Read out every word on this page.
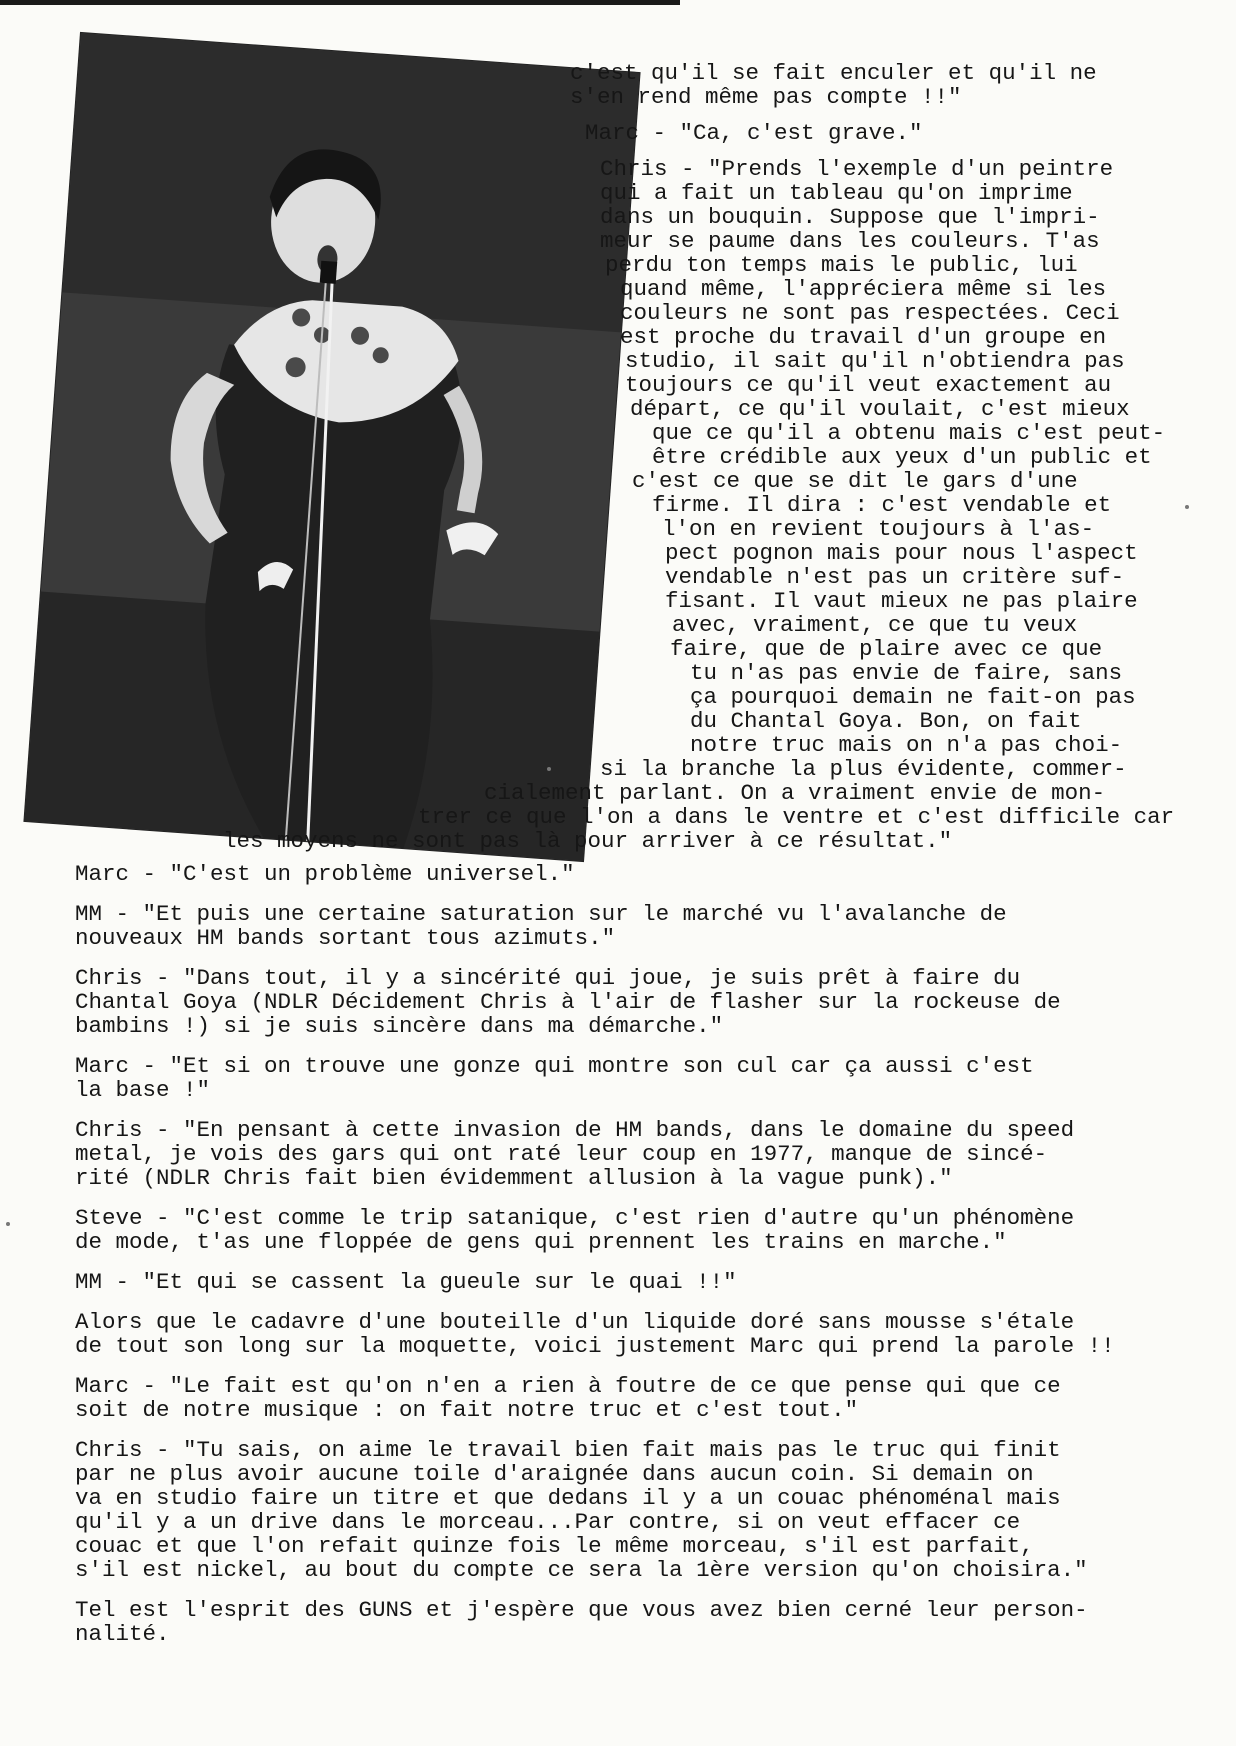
c'est qu'il se fait enculer et qu'il ne
s'en rend même pas compte !!"
Marc - "Ca, c'est grave."
Chris - "Prends l'exemple d'un peintre
qui a fait un tableau qu'on imprime
dans un bouquin. Suppose que l'impri-
meur se paume dans les couleurs. T'as
perdu ton temps mais le public, lui
quand même, l'appréciera même si les
couleurs ne sont pas respectées. Ceci
est proche du travail d'un groupe en
studio, il sait qu'il n'obtiendra pas
toujours ce qu'il veut exactement au
départ, ce qu'il voulait, c'est mieux
que ce qu'il a obtenu mais c'est peut-
être crédible aux yeux d'un public et
c'est ce que se dit le gars d'une
firme. Il dira : c'est vendable et
l'on en revient toujours à l'as-
pect pognon mais pour nous l'aspect
vendable n'est pas un critère suf-
fisant. Il vaut mieux ne pas plaire
avec, vraiment, ce que tu veux
faire, que de plaire avec ce que
tu n'as pas envie de faire, sans
ça pourquoi demain ne fait-on pas
du Chantal Goya. Bon, on fait
notre truc mais on n'a pas choi-
si la branche la plus évidente, commer-
cialement parlant. On a vraiment envie de mon-
trer ce que l'on a dans le ventre et c'est difficile car
les moyens ne sont pas là pour arriver à ce résultat."
Marc - "C'est un problème universel."
MM - "Et puis une certaine saturation sur le marché vu l'avalanche de
nouveaux HM bands sortant tous azimuts."
Chris - "Dans tout, il y a sincérité qui joue, je suis prêt à faire du
Chantal Goya (NDLR Décidement Chris à l'air de flasher sur la rockeuse de
bambins !) si je suis sincère dans ma démarche."
Marc - "Et si on trouve une gonze qui montre son cul car ça aussi c'est
la base !"
Chris - "En pensant à cette invasion de HM bands, dans le domaine du speed
metal, je vois des gars qui ont raté leur coup en 1977, manque de sincé-
rité (NDLR Chris fait bien évidemment allusion à la vague punk)."
Steve - "C'est comme le trip satanique, c'est rien d'autre qu'un phénomène
de mode, t'as une floppée de gens qui prennent les trains en marche."
MM - "Et qui se cassent la gueule sur le quai !!"
Alors que le cadavre d'une bouteille d'un liquide doré sans mousse s'étale
de tout son long sur la moquette, voici justement Marc qui prend la parole !!
Marc - "Le fait est qu'on n'en a rien à foutre de ce que pense qui que ce
soit de notre musique : on fait notre truc et c'est tout."
Chris - "Tu sais, on aime le travail bien fait mais pas le truc qui finit
par ne plus avoir aucune toile d'araignée dans aucun coin. Si demain on
va en studio faire un titre et que dedans il y a un couac phénoménal mais
qu'il y a un drive dans le morceau...Par contre, si on veut effacer ce
couac et que l'on refait quinze fois le même morceau, s'il est parfait,
s'il est nickel, au bout du compte ce sera la 1ère version qu'on choisira."
Tel est l'esprit des GUNS et j'espère que vous avez bien cerné leur person-
nalité.
